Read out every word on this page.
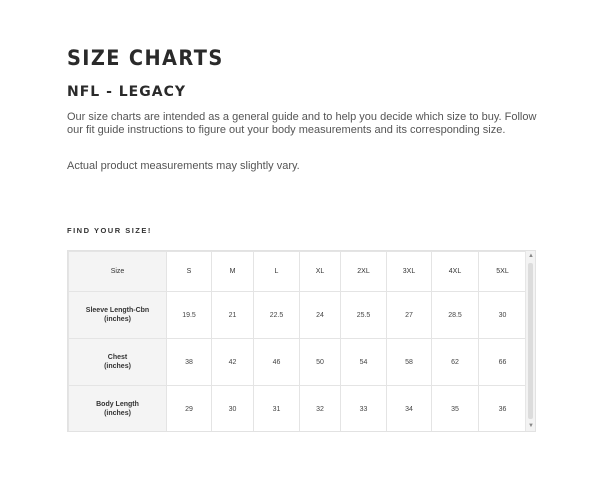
SIZE CHARTS
NFL - LEGACY

Our size charts are intended as a general guide and to help you decide which size to buy. Follow our fit guide instructions to figure out your body measurements and its corresponding size.

Actual product measurements may slightly vary.

FIND YOUR SIZE!

Size	S	M	L	XL	2XL	3XL	4XL	5XL
Sleeve Length-Cbn
(inches)	19.5	21	22.5	24	25.5	27	28.5	30
Chest
(inches)	38	42	46	50	54	58	62	66
Body Length
(inches)	29	30	31	32	33	34	35	36
▲
▼
